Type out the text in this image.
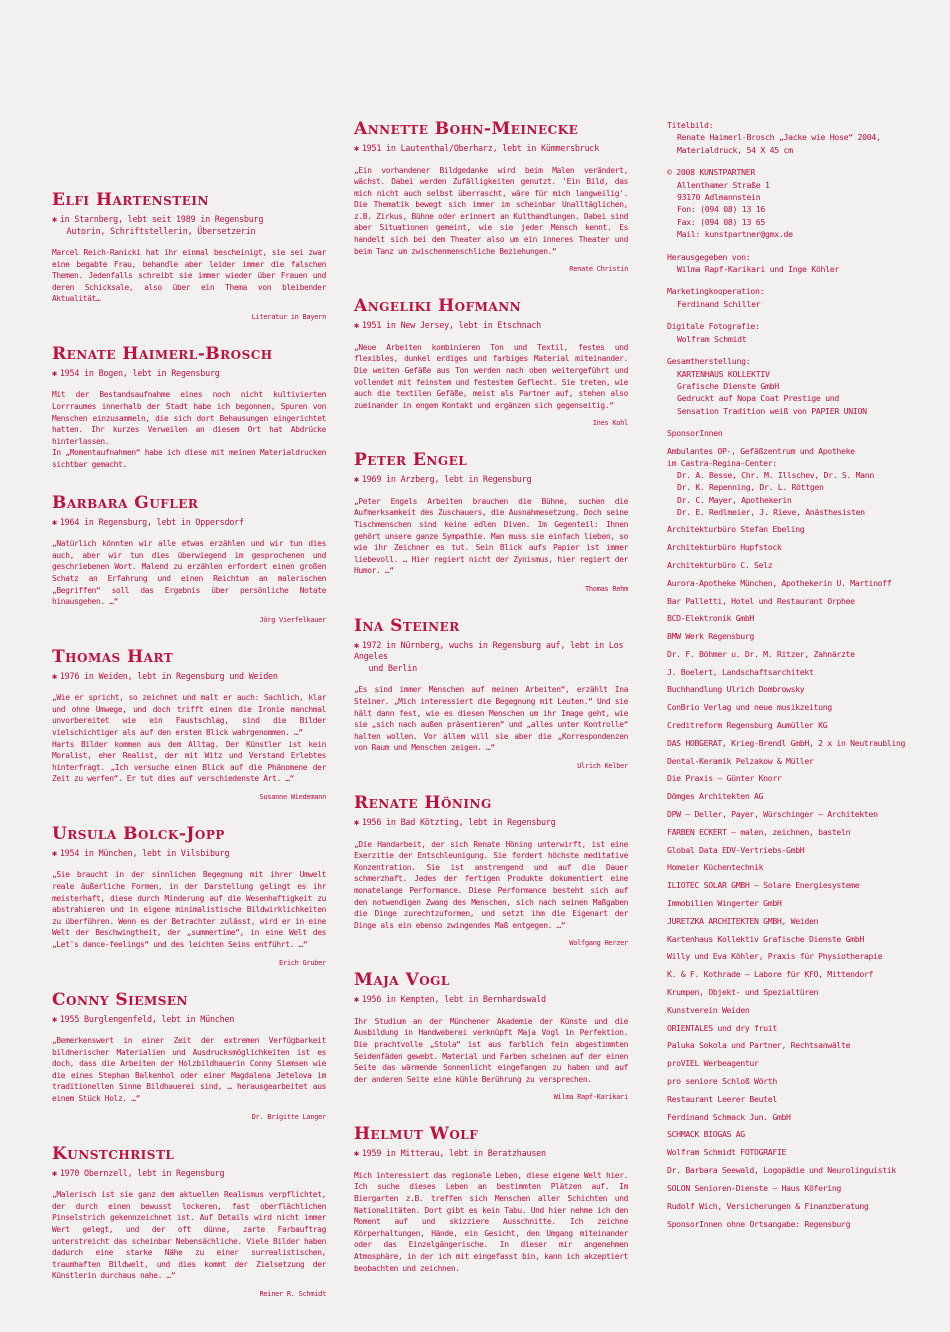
Elfi Hartenstein
✱ in Starnberg, lebt seit 1989 in Regensburg
Autorin, Schriftstellerin, Übersetzerin
Marcel Reich-Ranicki hat ihr einmal bescheinigt, sie sei zwar eine begabte Frau, behandle aber leider immer die falschen Themen. Jedenfalls schreibt sie immer wieder über Frauen und deren Schicksale, also über ein Thema von bleibender Aktualität…
Literatur in Bayern
Renate Haimerl-Brosch
✱ 1954 in Bogen, lebt in Regensburg
Mit der Bestandsaufnahme eines noch nicht kultivierten Lorrraumes innerhalb der Stadt habe ich begonnen, Spuren von Menschen einzusammeln, die sich dort Behausungen eingerichtet hatten. Ihr kurzes Verweilen an diesem Ort hat Abdrücke hinterlassen.
In „Momentaufnahmen“ habe ich diese mit meinen Materialdrucken sichtbar gemacht.
Barbara Gufler
✱ 1964 in Regensburg, lebt in Oppersdorf
„Natürlich könnten wir alle etwas erzählen und wir tun dies auch, aber wir tun dies überwiegend im gesprochenen und geschriebenen Wort. Malend zu erzählen erfordert einen großen Schatz an Erfahrung und einen Reichtum an malerischen „Begriffen“ soll das Ergebnis über persönliche Notate hinausgehen. …“
Jörg Vierfelkauer
Thomas Hart
✱ 1976 in Weiden, lebt in Regensburg und Weiden
„Wie er spricht, so zeichnet und malt er auch: Sachlich, klar und ohne Umwege, und doch trifft einen die Ironie manchmal unvorbereitet wie ein Faustschlag, sind die Bilder vielschichtiger als auf den ersten Blick wahrgenommen. …“
Harts Bilder kommen aus dem Alltag. Der Künstler ist kein Moralist, eher Realist, der mit Witz und Verstand Erlebtes hinterfragt. „Ich versuche einen Blick auf die Phänomene der Zeit zu werfen“. Er tut dies auf verschiedenste Art. …“
Susanne Wiedemann
Ursula Bolck-Jopp
✱ 1954 in München, lebt in Vilsbiburg
„Sie braucht in der sinnlichen Begegnung mit ihrer Umwelt reale äußerliche Formen, in der Darstellung gelingt es ihr meisterhaft, diese durch Minderung auf die Wesenhaftigkeit zu abstrahieren und in eigene minimalistische Bildwirklichkeiten zu überführen. Wenn es der Betrachter zulässt, wird er in eine Welt der Beschwingtheit, der „summertime“, in eine Welt des „Let's dance-feelings“ und des leichten Seins entführt. …“
Erich Gruber
Conny Siemsen
✱ 1955 Burglengenfeld, lebt in München
„Bemerkenswert in einer Zeit der extremen Verfügbarkeit bildnerischer Materialien und Ausdrucksmöglichkeiten ist es doch, dass die Arbeiten der Holzbildhauerin Conny Siemsen wie die eines Stephan Balkenhol oder einer Magdalena Jetelova im traditionellen Sinne Bildhauerei sind, … herausgearbeitet aus einem Stück Holz. …“
Dr. Brigitte Langer
Kunstchristl
✱ 1970 Obernzell, lebt in Regensburg
„Malerisch ist sie ganz dem aktuellen Realismus verpflichtet, der durch einen bewusst lockeren, fast oberflächlichen Pinselstrich gekennzeichnet ist. Auf Details wird nicht immer Wert gelegt, und der oft dünne, zarte Farbauftrag unterstreicht das scheinbar Nebensächliche. Viele Bilder haben dadurch eine starke Nähe zu einer surrealistischen, traumhaften Bildwelt, und dies kommt der Zielsetzung der Künstlerin durchaus nahe. …“
Reiner R. Schmidt
Annette Bohn-Meinecke
✱ 1951 in Lautenthal/Oberharz, lebt in Kümmersbruck
„Ein vorhandener Bildgedanke wird beim Malen verändert, wächst. Dabei werden Zufälligkeiten genutzt. 'Ein Bild, das mich nicht auch selbst überrascht, wäre für mich langweilig'. Die Thematik bewegt sich immer im scheinbar Unalltäglichen, z.B. Zirkus, Bühne oder erinnert an Kulthandlungen. Dabei sind aber Situationen gemeint, wie sie jeder Mensch kennt. Es handelt sich bei dem Theater also um ein inneres Theater und beim Tanz um zwischenmenschliche Beziehungen.“
Renate Christin
Angeliki Hofmann
✱ 1951 in New Jersey, lebt in Etschnach
„Neue Arbeiten kombinieren Ton und Textil, festes und flexibles, dunkel erdiges und farbiges Material miteinander. Die weiten Gefäße aus Ton werden nach oben weitergeführt und vollendet mit feinstem und festestem Geflecht. Sie treten, wie auch die textilen Gefäße, meist als Partner auf, stehen also zueinander in engem Kontakt und ergänzen sich gegenseitig.“
Ines Kohl
Peter Engel
✱ 1969 in Arzberg, lebt in Regensburg
„Peter Engels Arbeiten brauchen die Bühne, suchen die Aufmerksamkeit des Zuschauers, die Ausnahmesetzung. Doch seine Tischmenschen sind keine edlen Diven. Im Gegenteil: Ihnen gehört unsere ganze Sympathie. Man muss sie einfach lieben, so wie ihr Zeichner es tut. Sein Blick aufs Papier ist immer liebevoll. … Hier regiert nicht der Zynismus, hier regiert der Humor. …“
Thomas Rehm
Ina Steiner
✱ 1972 in Nürnberg, wuchs in Regensburg auf, lebt in Los Angeles
und Berlin
„Es sind immer Menschen auf meinen Arbeiten“, erzählt Ina Steiner. „Mich interessiert die Begegnung mit Leuten.“ Und sie hält dann fest, wie es diesen Menschen um ihr Image geht, wie sie „sich nach außen präsentieren“ und „alles unter Kontrolle“ halten wollen. Vor allem will sie aber die „Korrespondenzen von Raum und Menschen zeigen. …“
Ulrich Kelber
Renate Höning
✱ 1956 in Bad Kötzting, lebt in Regensburg
„Die Handarbeit, der sich Renate Höning unterwirft, ist eine Exerzitie der Entschleunigung. Sie fordert höchste meditative Konzentration. Sie ist anstrengend und auf die Dauer schmerzhaft. Jedes der fertigen Produkte dokumentiert eine monatelange Performance. Diese Performance besteht sich auf den notwendigen Zwang des Menschen, sich nach seinen Maßgaben die Dinge zurechtzuformen, und setzt ihm die Eigenart der Dinge als ein ebenso zwingendes Maß entgegen. …“
Wolfgang Herzer
Maja Vogl
✱ 1956 in Kempten, lebt in Bernhardswald
Ihr Studium an der Münchener Akademie der Künste und die Ausbildung in Handweberei verknüpft Maja Vogl in Perfektion. Die prachtvolle „Stola“ ist aus farblich fein abgestimmten Seidenfäden gewebt. Material und Farben scheinen auf der einen Seite das wärmende Sonnenlicht eingefangen zu haben und auf der anderen Seite eine kühle Berührung zu versprechen.
Wilma Rapf-Karikari
Helmut Wolf
✱ 1959 in Mitterau, lebt in Beratzhausen
Mich interessiert das regionale Leben, diese eigene Welt hier. Ich suche dieses Leben an bestimmten Plätzen auf. Im Biergarten z.B. treffen sich Menschen aller Schichten und Nationalitäten. Dort gibt es kein Tabu. Und hier nehme ich den Moment auf und skizziere Ausschnitte. Ich zeichne Körperhaltungen, Hände, ein Gesicht, den Umgang miteinander oder das Einzelgängerische. In dieser mir angenehmen Atmosphäre, in der ich mit eingefasst bin, kann ich akzeptiert beobachten und zeichnen.
Titelbild:
Renate Haimerl-Brosch „Jacke wie Hose“ 2004,
Materialdruck, 54 X 45 cm
© 2008 KUNSTPARTNER
Allenthamer Straße 1
93170 Adlmannstein
Fon: (094 08) 13 16
Fax: (094 08) 13 65
Mail: kunstpartner@gmx.de
Herausgegeben von:
Wilma Rapf-Karikari und Inge Köhler
Marketingkooperation:
Ferdinand Schiller
Digitale Fotografie:
Wolfram Schmidt
Gesamtherstellung:
KARTENHAUS KOLLEKTIV
Grafische Dienste GmbH
Gedruckt auf Nopa Coat Prestige und
Sensation Tradition weiß von PAPIER UNION
SponsorInnen
Ambulantes OP-, Gefäßzentrum und Apotheke
im Castra-Regina-Center:
Dr. A. Besse, Chr. M. Illschev, Dr. S. Mann
Dr. K. Repenning, Dr. L. Röttgen
Dr. C. Mayer, Apothekerin
Dr. E. Redlmeier, J. Rieve, Anästhesisten
Architekturbüro Stefan Ebeling
Architekturbüro Hupfstock
Architekturbüro C. Selz
Aurora-Apotheke München, Apothekerin U. Martinoff
Bar Palletti, Hotel und Restaurant Orphee
BCD-Elektronik GmbH
BMW Werk Regensburg
Dr. F. Böhmer u. Dr. M. Ritzer, Zahnärzte
J. Boelert, Landschaftsarchitekt
Buchhandlung Ulrich Dombrowsky
ConBrio Verlag und neue musikzeitung
Creditreform Regensburg Aumüller KG
DAS HOBGERAT, Krieg-Brendl GmbH, 2 x in Neutraubling
Dental-Keramik Pelzakow & Müller
Die Praxis – Günter Knorr
Dömges Architekten AG
DPW – Deller, Payer, Würschinger – Architekten
FARBEN ECKERT – malen, zeichnen, basteln
Global Data EDV-Vertriebs-GmbH
Homeier Küchentechnik
ILIOTEC SOLAR GMBH – Solare Energiesysteme
Immobilien Wingerter GmbH
JURETZKA ARCHITEKTEN GMBH, Weiden
Kartenhaus Kollektiv Grafische Dienste GmbH
Willy und Eva Köhler, Praxis für Physiotherapie
K. & F. Kothrade – Labore für KFO, Mittendorf
Krumpen, Objekt- und Spezialtüren
Kunstverein Weiden
ORIENTALES und dry fruit
Paluka Sokola und Partner, Rechtsanwälte
proVIEL Werbeagentur
pro seniore Schloß Wörth
Restaurant Leerer Beutel
Ferdinand Schmack Jun. GmbH
SCHMACK BIOGAS AG
Wolfram Schmidt FOTOGRAFIE
Dr. Barbara Seewald, Logopädie und Neurolinguistik
SOLON Senioren-Dienste – Haus Köfering
Rudolf Wich, Versicherungen & Finanzberatung
SponsorInnen ohne Ortsangabe: Regensburg
